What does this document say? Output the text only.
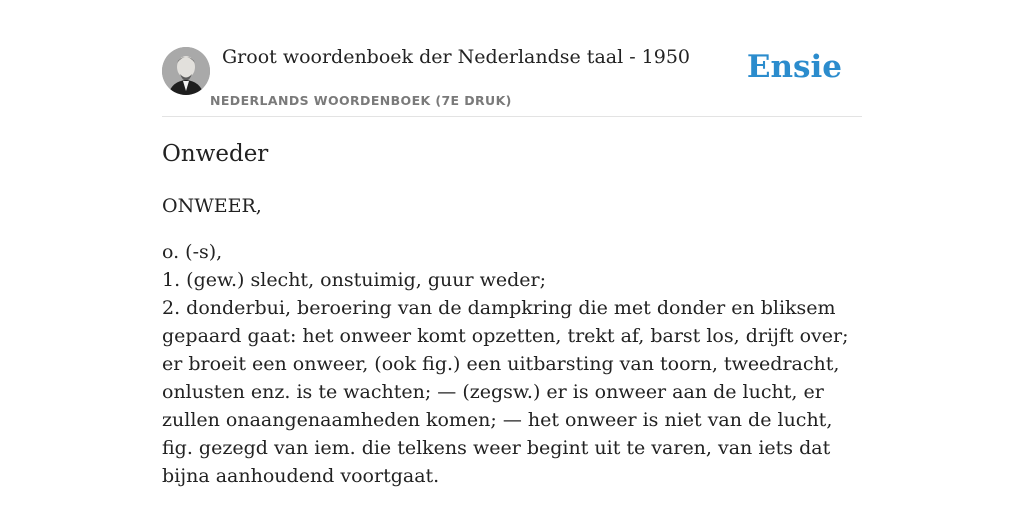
Groot woordenboek der Nederlandse taal - 1950
NEDERLANDS WOORDENBOEK (7E DRUK)
Ensie
Onweder

ONWEER,

o. (-s),
1. (gew.) slecht, onstuimig, guur weder;
2. donderbui, beroering van de dampkring die met donder en bliksem gepaard gaat: het onweer komt opzetten, trekt af, barst los, drijft over; er broeit een onweer, (ook fig.) een uitbarsting van toorn, tweedracht, onlusten enz. is te wachten; — (zegsw.) er is onweer aan de lucht, er zullen onaangenaamheden komen; — het onweer is niet van de lucht, fig. gezegd van iem. die telkens weer begint uit te varen, van iets dat bijna aanhoudend voortgaat.
